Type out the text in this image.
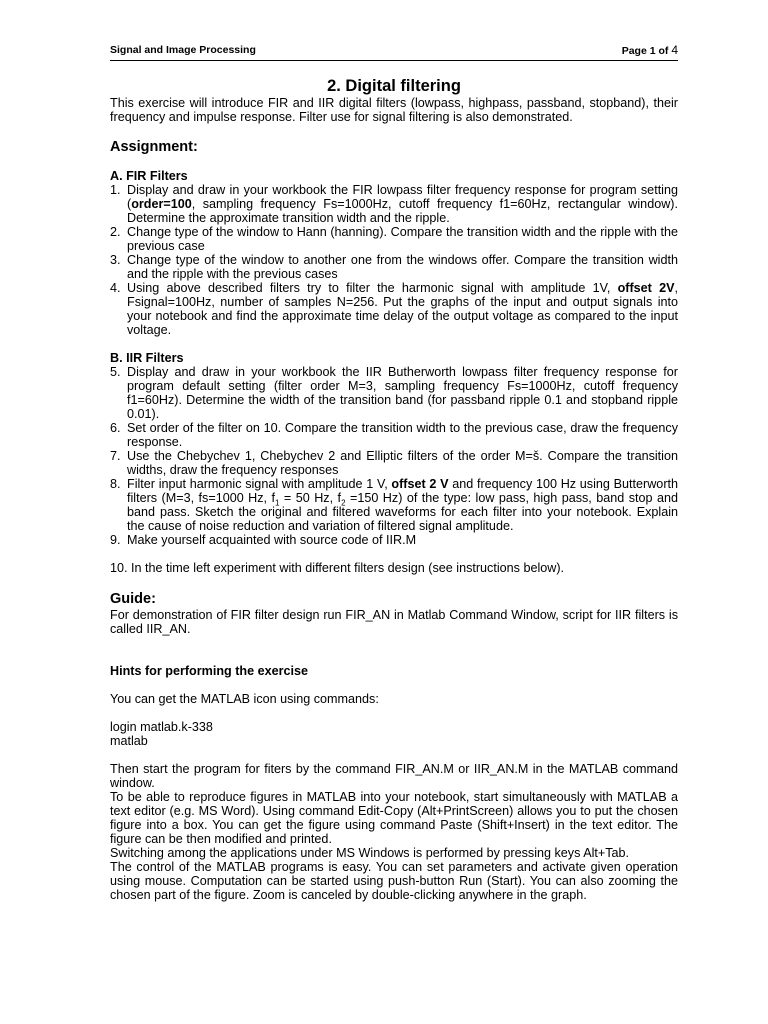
Signal and Image Processing	Page 1 of 4
2. Digital filtering

This exercise will introduce FIR and IIR digital filters (lowpass, highpass, passband, stopband), their frequency and impulse response. Filter use for signal filtering is also demonstrated.

Assignment:
A. FIR Filters
1. Display and draw in your workbook the FIR lowpass filter frequency response for program setting (order=100, sampling frequency Fs=1000Hz, cutoff frequency f1=60Hz, rectangular window). Determine the approximate transition width and the ripple.
2. Change type of the window to Hann (hanning). Compare the transition width and the ripple with the previous case
3. Change type of the window to another one from the windows offer. Compare the transition width and the ripple with the previous cases
4. Using above described filters try to filter the harmonic signal with amplitude 1V, offset 2V, Fsignal=100Hz, number of samples N=256. Put the graphs of the input and output signals into your notebook and find the approximate time delay of the output voltage as compared to the input voltage.
B. IIR Filters
5. Display and draw in your workbook the IIR Butherworth lowpass filter frequency response for program default setting (filter order M=3, sampling frequency Fs=1000Hz, cutoff frequency f1=60Hz). Determine the width of the transition band (for passband ripple 0.1 and stopband ripple 0.01).
6. Set order of the filter on 10. Compare the transition width to the previous case, draw the frequency response.
7. Use the Chebychev 1, Chebychev 2 and Elliptic filters of the order M=š. Compare the transition widths, draw the frequency responses
8. Filter input harmonic signal with amplitude 1 V, offset 2 V and frequency 100 Hz using Butterworth filters (M=3, fs=1000 Hz, $f_1 = 50$ Hz, $f_2 =150$ Hz) of the type: low pass, high pass, band stop and band pass. Sketch the original and filtered waveforms for each filter into your notebook. Explain the cause of noise reduction and variation of filtered signal amplitude.
9. Make yourself acquainted with source code of IIR.M
10. In the time left experiment with different filters design (see instructions below).
Guide:

For demonstration of FIR filter design run FIR_AN in Matlab Command Window, script for IIR filters is called IIR_AN.

Hints for performing the exercise

You can get the MATLAB icon using commands:

login matlab.k-338

matlab

Then start the program for fiters by the command FIR_AN.M or IIR_AN.M in the MATLAB command window.

To be able to reproduce figures in MATLAB into your notebook, start simultaneously with MATLAB a text editor (e.g. MS Word). Using command Edit-Copy (Alt+PrintScreen) allows you to put the chosen figure into a box. You can get the figure using command Paste (Shift+Insert) in the text editor. The figure can be then modified and printed.

Switching among the applications under MS Windows is performed by pressing keys Alt+Tab.

The control of the MATLAB programs is easy. You can set parameters and activate given operation using mouse. Computation can be started using push-button Run (Start). You can also zooming the chosen part of the figure. Zoom is canceled by double-clicking anywhere in the graph.
